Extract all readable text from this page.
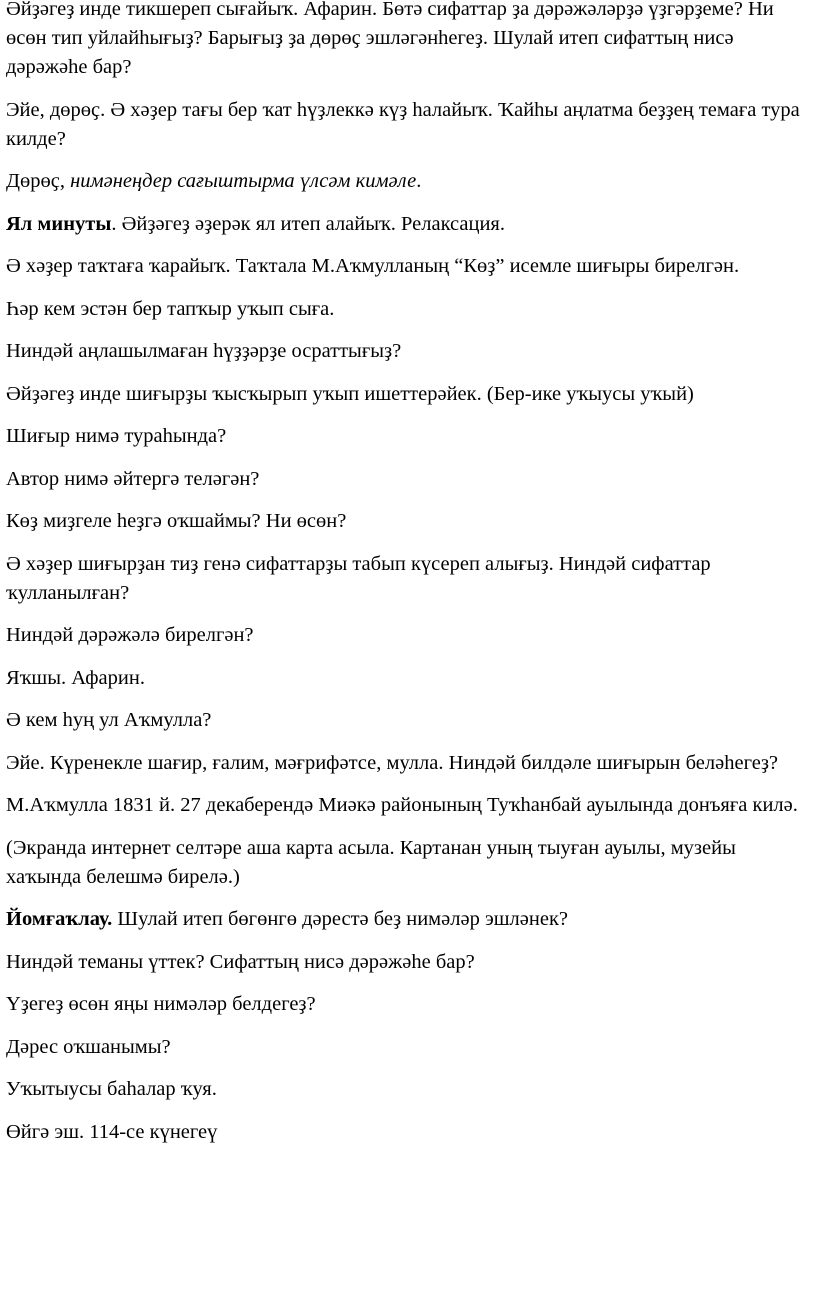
Әйҙәгеҙ инде тикшереп сығайыҡ. Афарин. Бөтә сифаттар ҙа дәрәжәләрҙә үҙгәрҙеме? Ни өсөн тип уйлайһығыҙ? Барығыҙ ҙа дөрөҫ эшләгәнһегеҙ. Шулай итеп сифаттың нисә дәрәжәһе бар?

Эйе, дөрөҫ. Ә хәҙер тағы бер ҡат һүҙлеккә күҙ һалайыҡ. Ҡайһы аңлатма беҙҙең темаға тура килде?

Дөрөҫ, нимәнеңдер сағыштырма үлсәм кимәле.

Ял минуты. Әйҙәгеҙ әҙерәк ял итеп алайыҡ. Релаксация.

Ә хәҙер таҡтаға ҡарайыҡ. Таҡтала М.Аҡмулланың “Көҙ” исемле шиғыры бирелгән.

Һәр кем эстән бер тапҡыр уҡып сыға.

Ниндәй аңлашылмаған һүҙҙәрҙе осраттығыҙ?

Әйҙәгеҙ инде шиғырҙы ҡысҡырып уҡып ишеттерәйек. (Бер-ике уҡыусы уҡый)

Шиғыр нимә тураһында?

Автор нимә әйтергә теләгән?

Көҙ миҙгеле һеҙгә оҡшаймы? Ни өсөн?

Ә хәҙер шиғырҙан тиҙ генә сифаттарҙы табып күсереп алығыҙ. Ниндәй сифаттар ҡулланылған?

Ниндәй дәрәжәлә бирелгән?

Яҡшы. Афарин.

Ә кем һуң ул Аҡмулла?

Эйе. Күренекле шағир, ғалим, мәғрифәтсе, мулла. Ниндәй билдәле шиғырын беләһегеҙ?

М.Аҡмулла 1831 й. 27 декаберендә Миәкә районының Туҡһанбай ауылында донъяға килә.

(Экранда интернет селтәре аша карта асыла. Картанан уның тыуған ауылы, музейы хаҡында белешмә бирелә.)

Йомғаҡлау. Шулай итеп бөгөнгө дәрестә беҙ нимәләр эшләнек?

Ниндәй теманы үттек? Сифаттың нисә дәрәжәһе бар?

Үҙегеҙ өсөн яңы нимәләр белдегеҙ?

Дәрес оҡшанымы?

Уҡытыусы баһалар ҡуя.

Өйгә эш. 114-се күнегеү
